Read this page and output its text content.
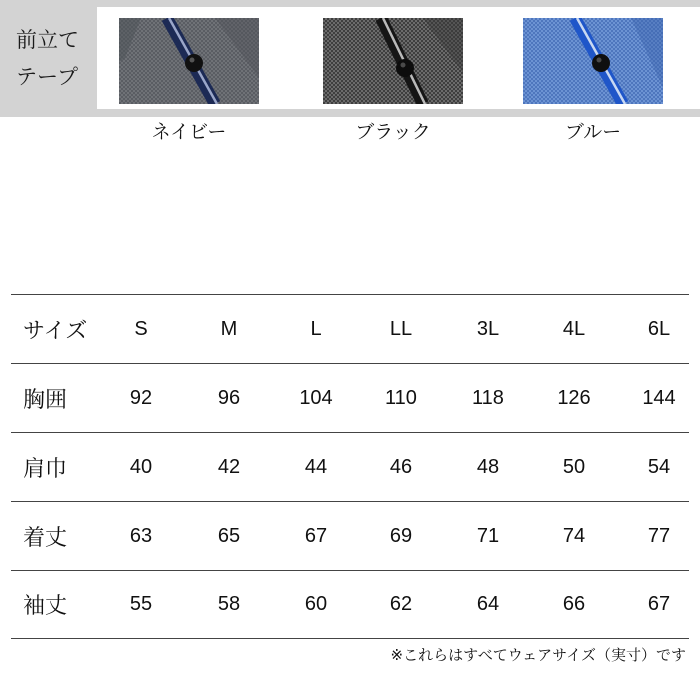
前立て
テープ
ネイビー	ブラック	ブルー
サイズ	S	M	L	LL	3L	4L	6L
胸囲	92	96	104	110	118	126	144
肩巾	40	42	44	46	48	50	54
着丈	63	65	67	69	71	74	77
袖丈	55	58	60	62	64	66	67
※これらはすべてウェアサイズ（実寸）です
